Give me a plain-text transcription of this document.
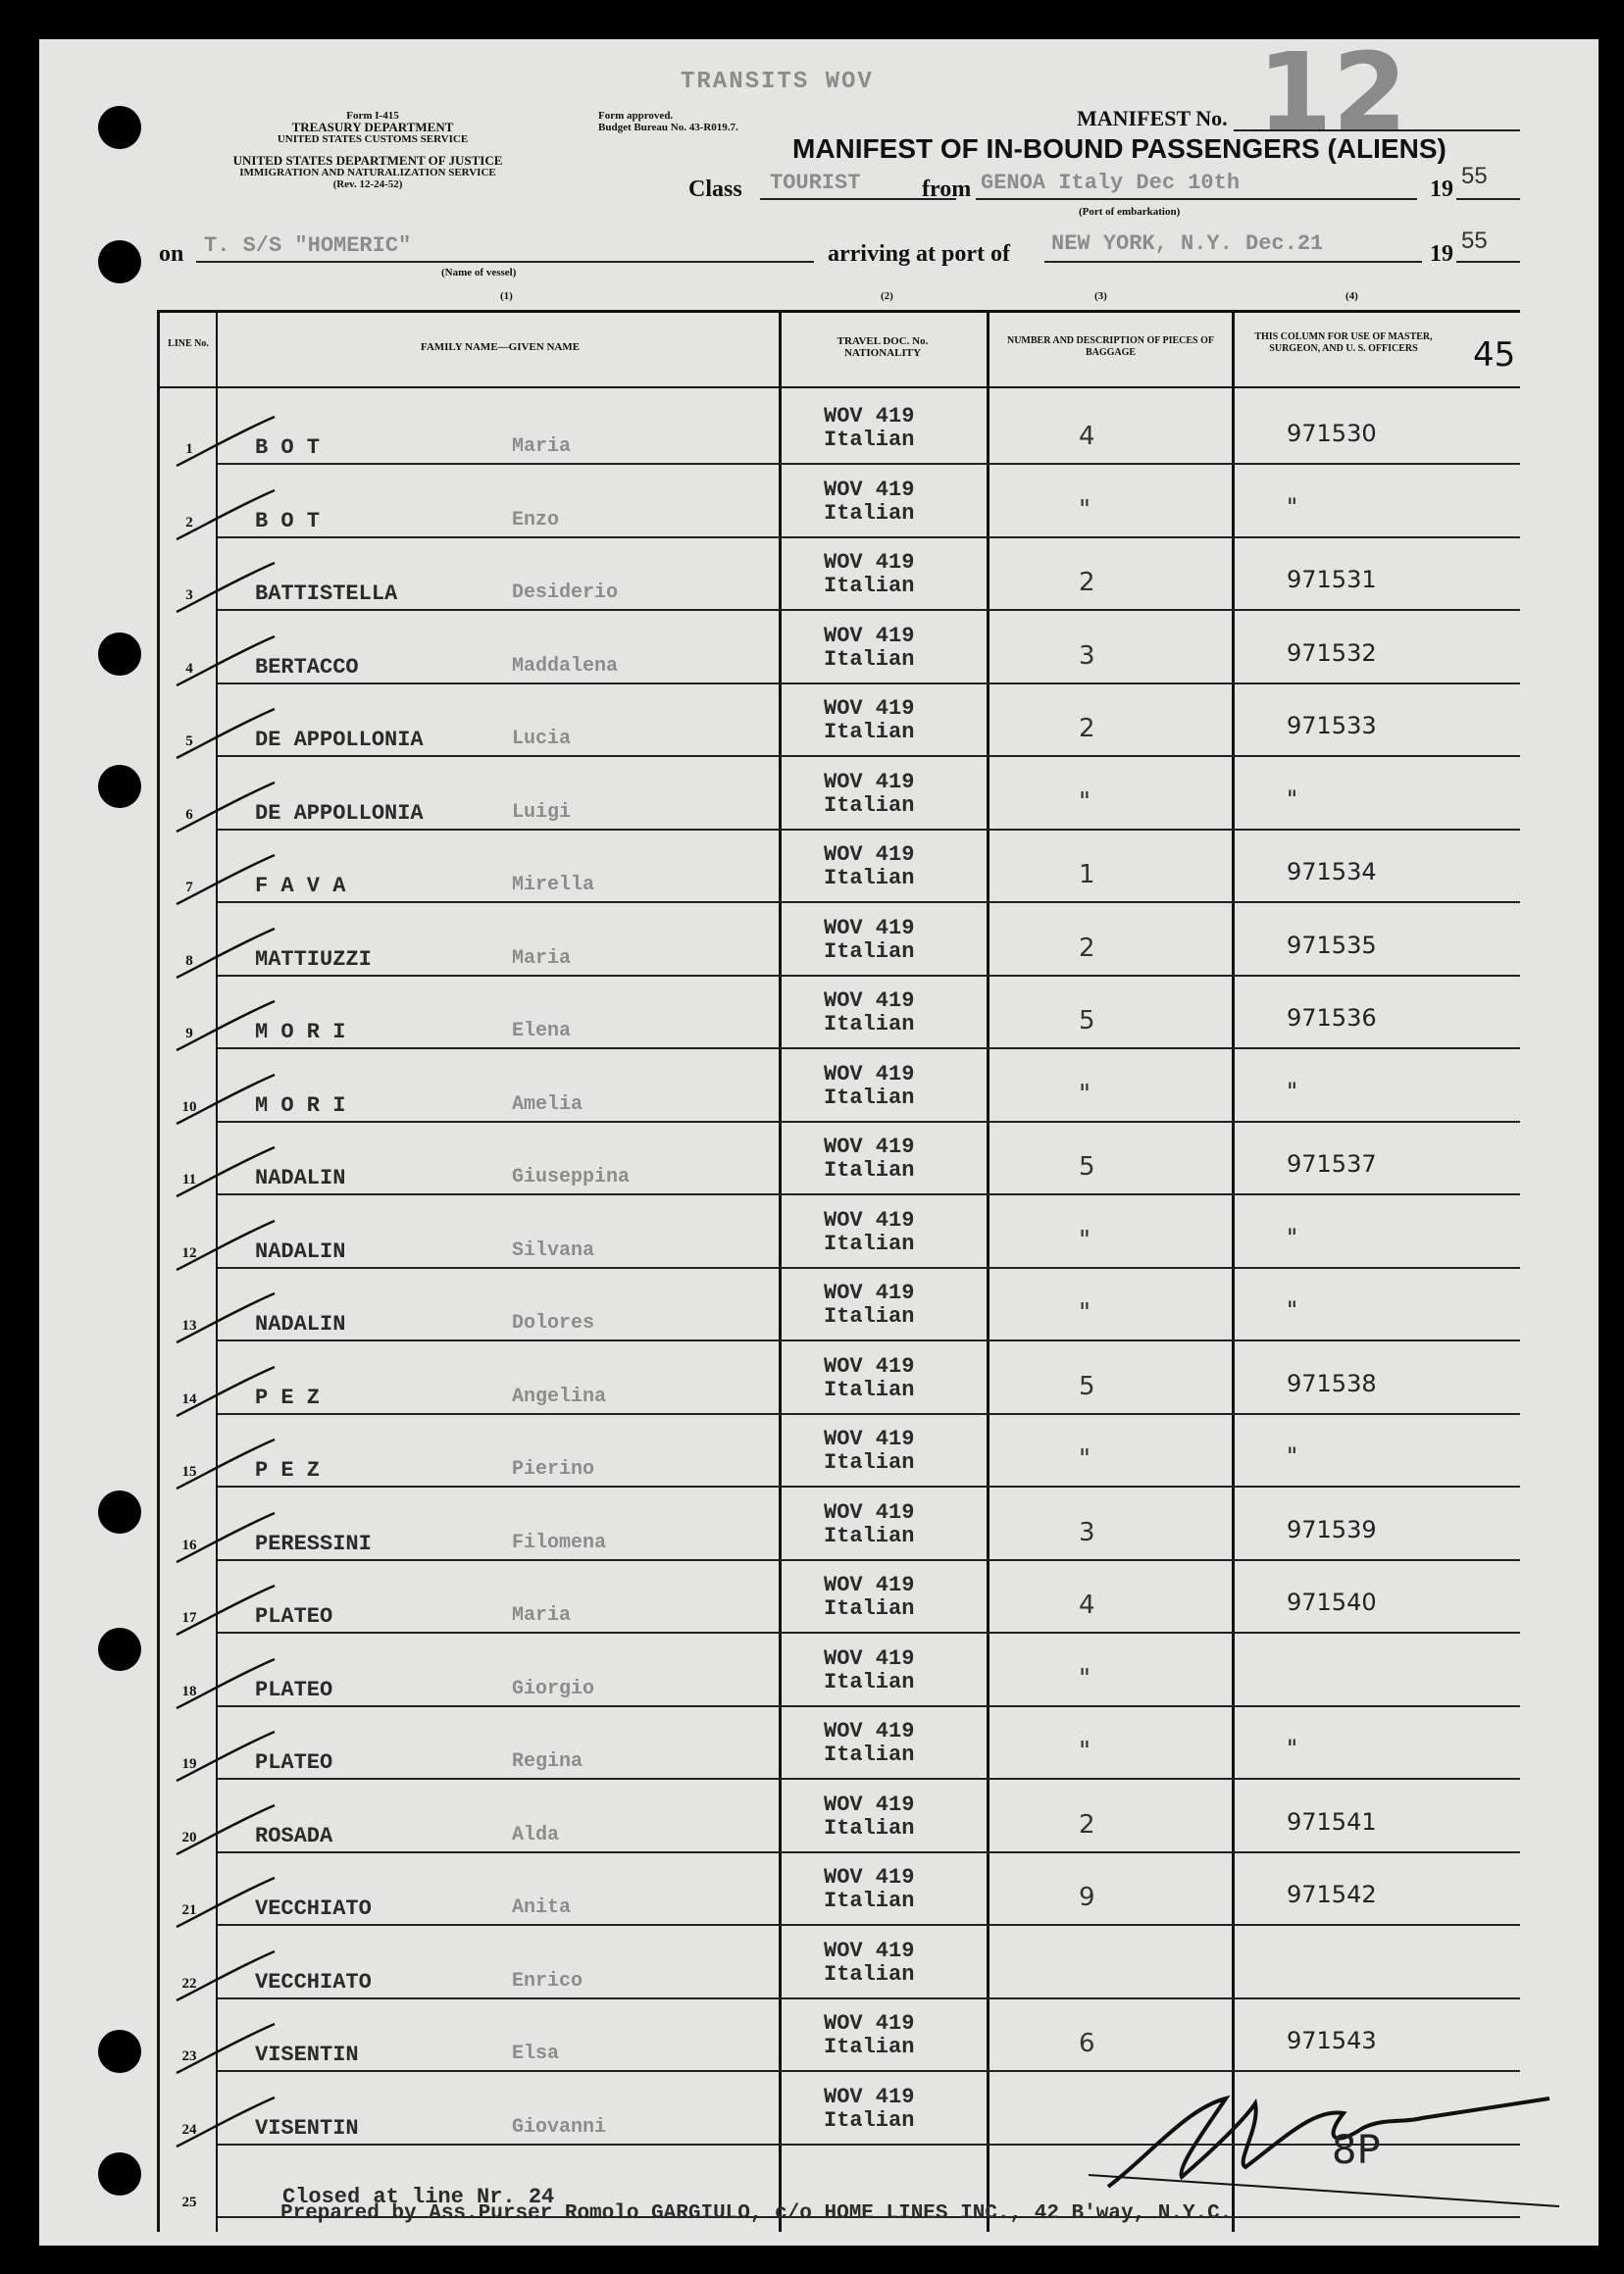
TRANSITS WOV	12
Form I-415
TREASURY DEPARTMENT
UNITED STATES CUSTOMS SERVICE
UNITED STATES DEPARTMENT OF JUSTICE
IMMIGRATION AND NATURALIZATION SERVICE
(Rev. 12-24-52)
Form approved.
Budget Bureau No. 43-R019.7.	MANIFEST No.
MANIFEST OF IN-BOUND PASSENGERS (ALIENS)
Class TOURIST	from GENOA Italy Dec 10th	19 55
(Port of embarkation)
on T. S/S "HOMERIC"
(Name of vessel)
arriving at port of NEW YORK, N.Y. Dec.21	19 55
(1)	(2)	(3)	(4)
45
LINE No.	FAMILY NAME—GIVEN NAME	TRAVEL DOC. No. NATIONALITY
NUMBER AND DESCRIPTION OF PIECES OF BAGGAGE
THIS COLUMN FOR USE OF MASTER, SURGEON, AND U. S. OFFICERS
1	B O T	Maria
WOV 419
Italian	4	971530
2	B O T	Enzo
WOV 419
Italian	"	"
3	BATTISTELLA	Desiderio
WOV 419
Italian	2	971531
4	BERTACCO	Maddalena
WOV 419
Italian	3	971532
5	DE APPOLLONIA	Lucia
WOV 419
Italian	2	971533
6	DE APPOLLONIA	Luigi
WOV 419
Italian	"	"
7	F A V A	Mirella
WOV 419
Italian	1	971534
8	MATTIUZZI	Maria
WOV 419
Italian	2	971535
9	M O R I	Elena
WOV 419
Italian	5	971536
10	M O R I	Amelia
WOV 419
Italian	"	"
11	NADALIN	Giuseppina
WOV 419
Italian	5	971537
12	NADALIN	Silvana
WOV 419
Italian	"	"
13	NADALIN	Dolores
WOV 419
Italian	"	"
14	P E Z	Angelina
WOV 419
Italian	5	971538
15	P E Z	Pierino
WOV 419
Italian	"	"
16	PERESSINI	Filomena
WOV 419
Italian	3	971539
17	PLATEO	Maria
WOV 419
Italian	4	971540
18	PLATEO	Giorgio
WOV 419
Italian	"
19	PLATEO	Regina
WOV 419
Italian	"	"
20	ROSADA	Alda
WOV 419
Italian	2	971541
21	VECCHIATO	Anita
WOV 419
Italian	9	971542
22	VECCHIATO	Enrico
WOV 419
Italian
23	VISENTIN	Elsa
WOV 419
Italian	6	971543
24	VISENTIN	Giovanni
WOV 419
Italian
25	Closed at line Nr. 24
8P
Prepared by Ass.Purser Romolo GARGIULO, c/o HOME LINES INC., 42 B'way, N.Y.C.
